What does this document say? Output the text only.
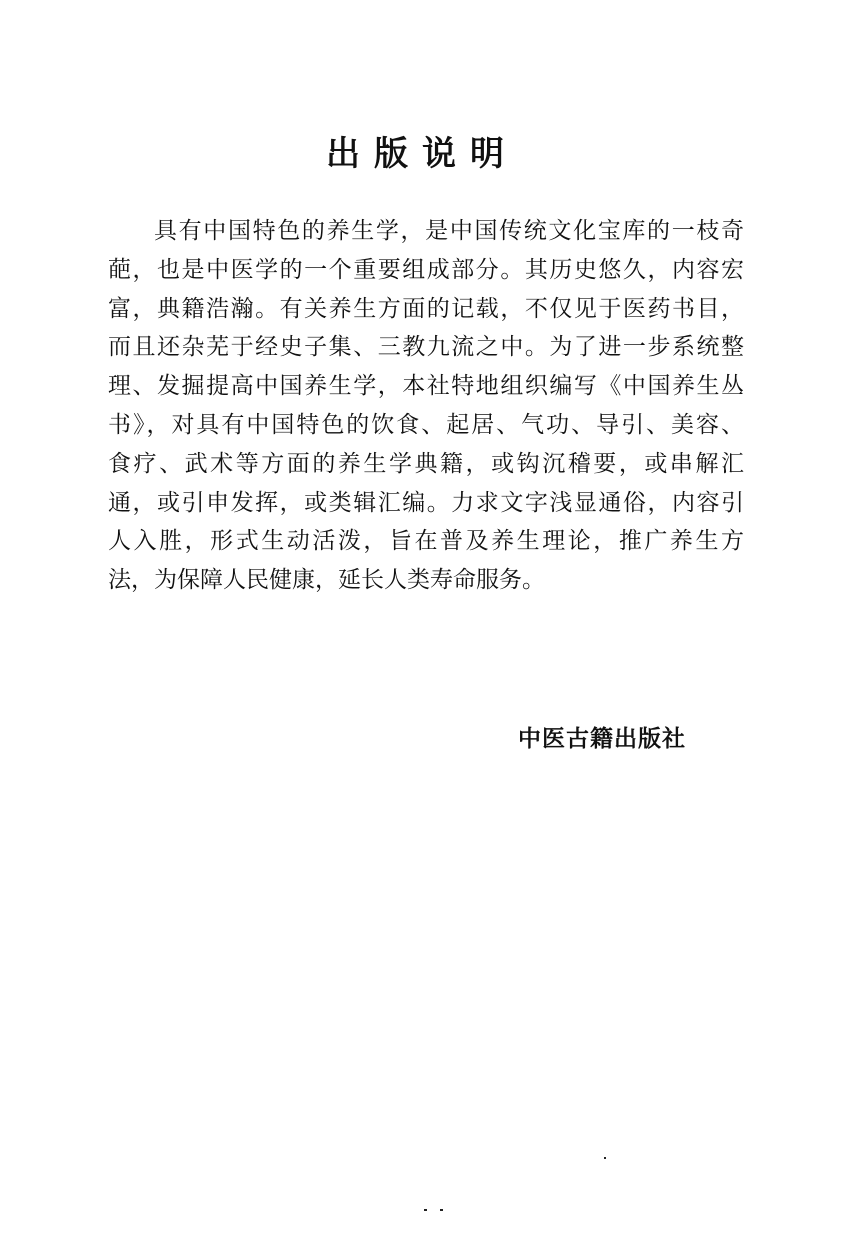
出版说明
具有中国特色的养生学，是中国传统文化宝库的一枝奇
葩，也是中医学的一个重要组成部分。其历史悠久，内容宏
富，典籍浩瀚。有关养生方面的记载，不仅见于医药书目，
而且还杂芜于经史子集、三教九流之中。为了进一步系统整
理、发掘提高中国养生学，本社特地组织编写《中国养生丛
书》，对具有中国特色的饮食、起居、气功、导引、美容、
食疗、武术等方面的养生学典籍，或钩沉稽要，或串解汇
通，或引申发挥，或类辑汇编。力求文字浅显通俗，内容引
人入胜，形式生动活泼，旨在普及养生理论，推广养生方
法，为保障人民健康，延长人类寿命服务。
中医古籍出版社
